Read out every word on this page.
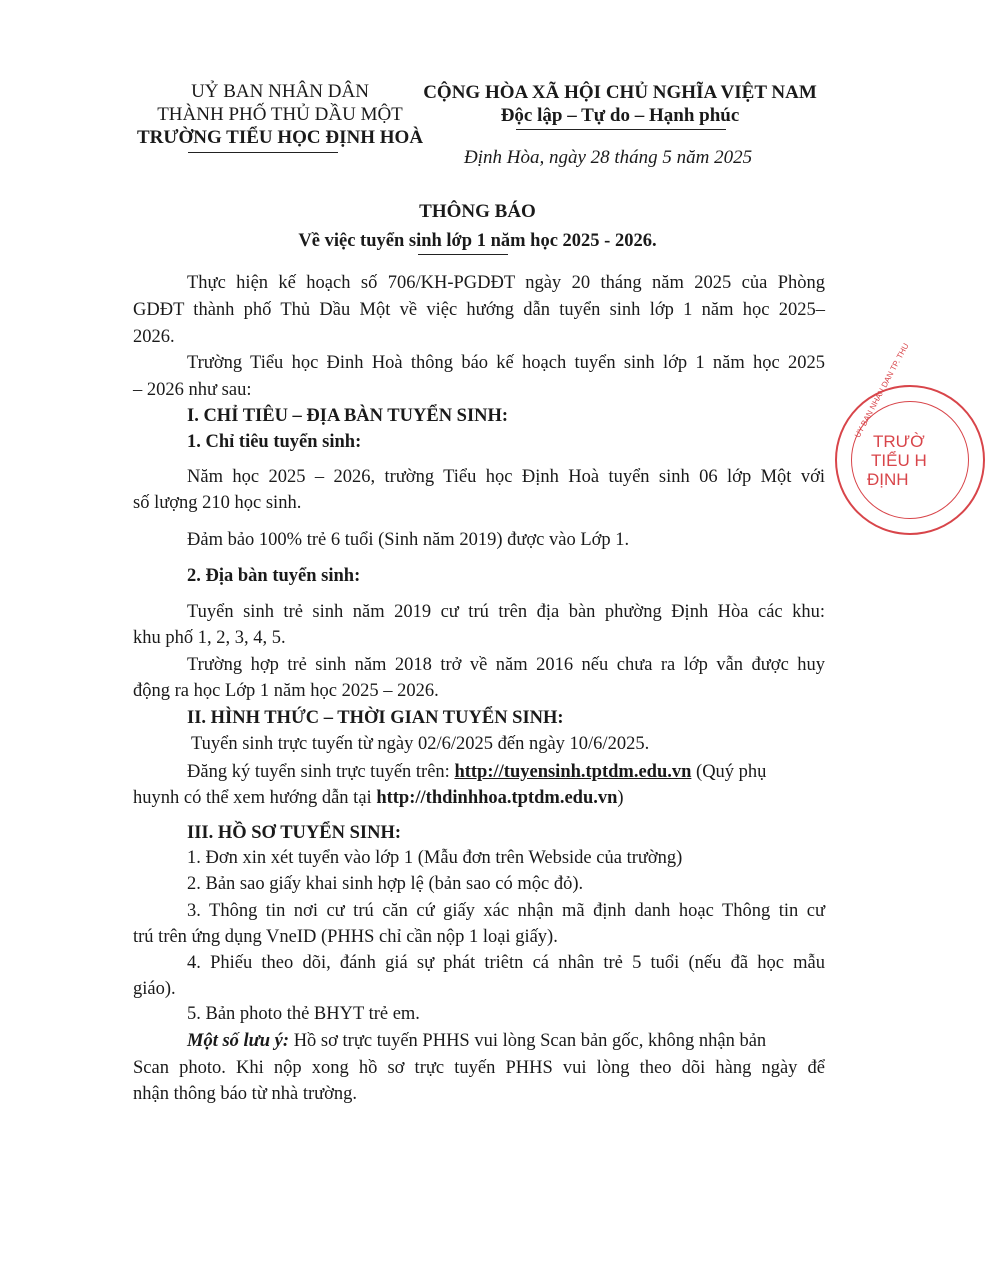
UỶ BAN NHÂN DÂN
THÀNH PHỐ THỦ DẦU MỘT
TRƯỜNG TIỂU HỌC ĐỊNH HOÀ
CỘNG HÒA XÃ HỘI CHỦ NGHĨA VIỆT NAM
Độc lập – Tự do – Hạnh phúc
Định Hòa, ngày 28 tháng 5 năm 2025
THÔNG BÁO
Về việc tuyển sinh lớp 1 năm học 2025 - 2026.
Thực hiện kế hoạch số 706/KH-PGDĐT ngày 20 tháng năm 2025 của Phòng
GDĐT thành phố Thủ Dầu Một về việc hướng dẫn tuyển sinh lớp 1 năm học 2025–
2026.
Trường Tiểu học Đinh Hoà thông báo kế hoạch tuyển sinh lớp 1 năm học 2025
– 2026 như sau:
I. CHỈ TIÊU – ĐỊA BÀN TUYỂN SINH:
1. Chỉ tiêu tuyển sinh:
Năm học 2025 – 2026, trường Tiểu học Định Hoà tuyển sinh 06 lớp Một với
số lượng 210 học sinh.
Đảm bảo 100% trẻ 6 tuổi (Sinh năm 2019) được vào Lớp 1.
2. Địa bàn tuyển sinh:
Tuyển sinh trẻ sinh năm 2019 cư trú trên địa bàn phường Định Hòa các khu:
khu phố 1, 2, 3, 4, 5.
Trường hợp trẻ sinh năm 2018 trở về năm 2016 nếu chưa ra lớp vẫn được huy
động ra học Lớp 1 năm học 2025 – 2026.
II. HÌNH THỨC – THỜI GIAN TUYỂN SINH:
Tuyển sinh trực tuyến từ ngày 02/6/2025 đến ngày 10/6/2025.
Đăng ký tuyển sinh trực tuyến trên: http://tuyensinh.tptdm.edu.vn (Quý phụ
huynh có thể xem hướng dẫn tại http://thdinhhoa.tptdm.edu.vn)
III. HỒ SƠ TUYỂN SINH:
1. Đơn xin xét tuyển vào lớp 1 (Mẫu đơn trên Webside của trường)
2. Bản sao giấy khai sinh hợp lệ (bản sao có mộc đỏ).
3. Thông tin nơi cư trú căn cứ giấy xác nhận mã định danh hoạc Thông tin cư
trú trên ứng dụng VneID (PHHS chỉ cần nộp 1 loại giấy).
4. Phiếu theo dõi, đánh giá sự phát triêtn cá nhân trẻ 5 tuổi (nếu đã học mẫu
giáo).
5. Bản photo thẻ BHYT trẻ em.
Một số lưu ý: Hồ sơ trực tuyến PHHS vui lòng Scan bản gốc, không nhận bản
Scan photo. Khi nộp xong hồ sơ trực tuyến PHHS vui lòng theo dõi hàng ngày để
nhận thông báo từ nhà trường.
UY BAN NHAN DAN TP. THU
TRƯỜ
TIỂU H
ĐỊNH
